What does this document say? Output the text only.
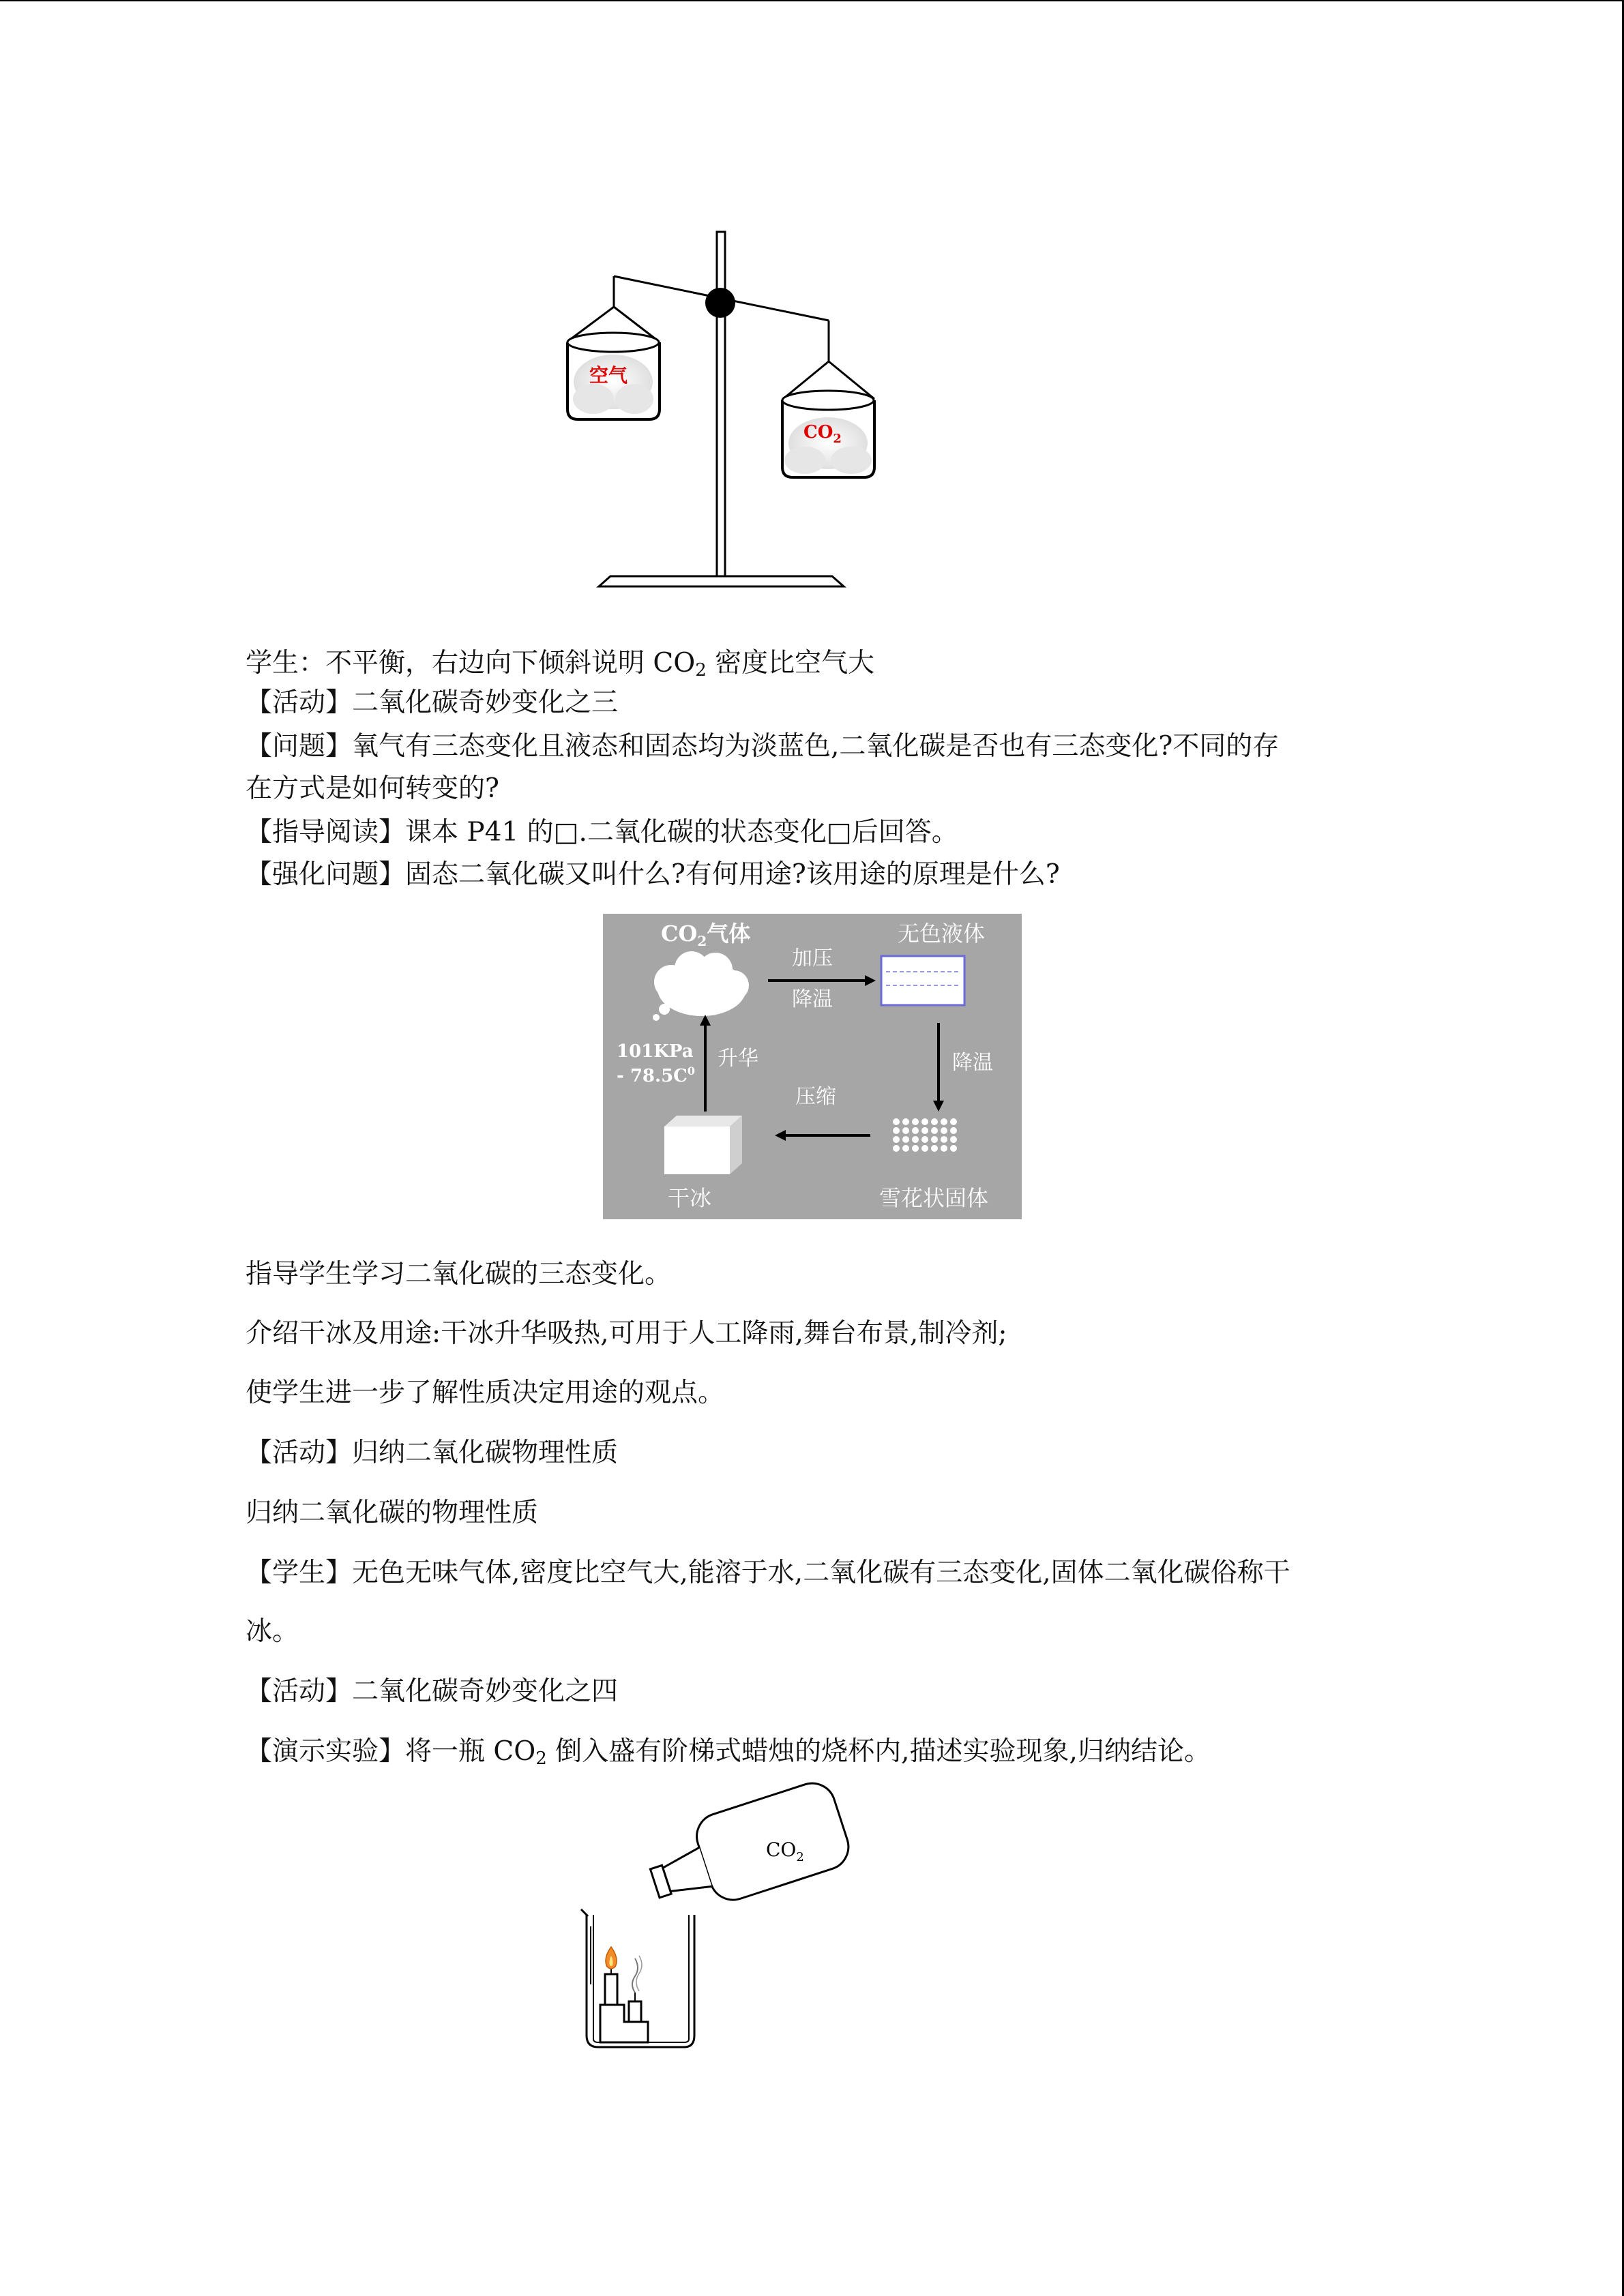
空气
$CO_2$
学生：不平衡，右边向下倾斜说明 $CO_2$ 密度比空气大
【活动】二氧化碳奇妙变化之三
【问题】氧气有三态变化且液态和固态均为淡蓝色,二氧化碳是否也有三态变化?不同的存
在方式是如何转变的?
【指导阅读】课本 P41 的□.二氧化碳的状态变化□后回答。
【强化问题】固态二氧化碳又叫什么?有何用途?该用途的原理是什么?
$CO_2$气体	无色液体
加压
降温
降温
压缩
干冰	雪花状固体
升华
101KPa
- $78.5C^0$
指导学生学习二氧化碳的三态变化。
介绍干冰及用途:干冰升华吸热,可用于人工降雨,舞台布景,制冷剂;
使学生进一步了解性质决定用途的观点。
【活动】归纳二氧化碳物理性质
归纳二氧化碳的物理性质
【学生】无色无味气体,密度比空气大,能溶于水,二氧化碳有三态变化,固体二氧化碳俗称干
冰。
【活动】二氧化碳奇妙变化之四
【演示实验】将一瓶 $CO_2$ 倒入盛有阶梯式蜡烛的烧杯内,描述实验现象,归纳结论。
$CO_2$
